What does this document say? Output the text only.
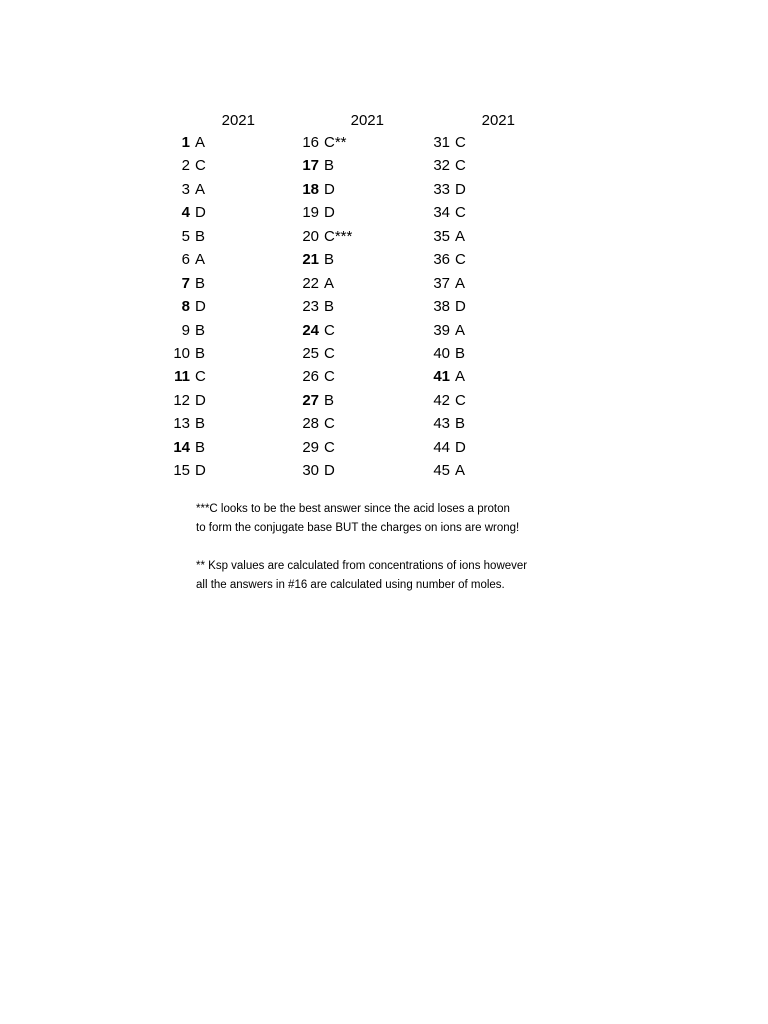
2021
1 A
2 C
3 A
4 D
5 B
6 A
7 B
8 D
9 B
10 B
11 C
12 D
13 B
14 B
15 D
2021
16 C**
17 B
18 D
19 D
20 C***
21 B
22 A
23 B
24 C
25 C
26 C
27 B
28 C
29 C
30 D
2021
31 C
32 C
33 D
34 C
35 A
36 C
37 A
38 D
39 A
40 B
41 A
42 C
43 B
44 D
45 A

***C looks to be the best answer since the acid loses a proton
to form the conjugate base BUT the charges on ions are wrong!

** Ksp values are calculated from concentrations of ions however
all the answers in #16 are calculated using number of moles.
